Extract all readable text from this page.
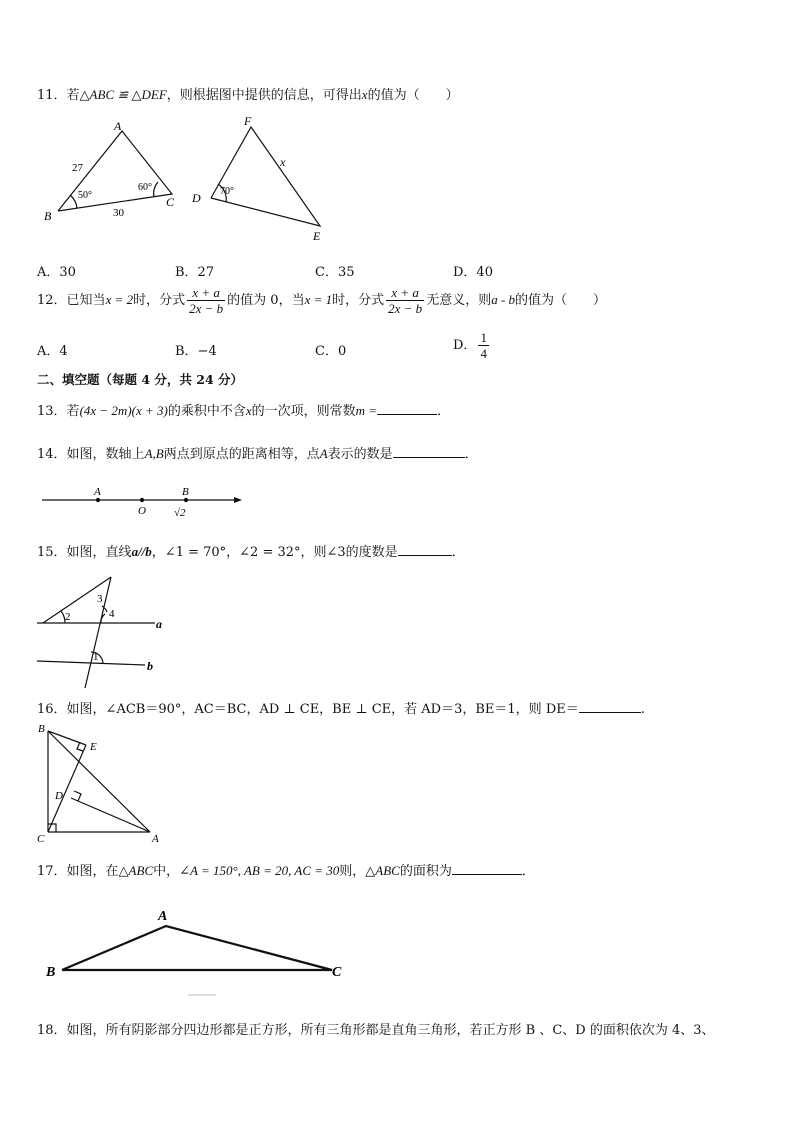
11．若△ABC ≌ △DEF，则根据图中提供的信息，可得出x的值为（　　）
A
B
C
27
30
50°
60°
F
D
E
x
70°
A．30	B．27	C．35	D．40
12．已知当x = 2时，分式 $\frac{x + a}{2x - b}$ 的值为 0，当x = 1时，分式 $\frac{x + a}{2x - b}$ 无意义，则a - b的值为（　　）
A．4	B．−4	C．0	D． $\frac{1}{4}$
二、填空题（每题 4 分，共 24 分）
13．若(4x − 2m)(x + 3)的乘积中不含x的一次项，则常数m =	．
14．如图，数轴上A,B两点到原点的距离相等，点A表示的数是	．
A
O
B
√2
15．如图，直线a//b，∠1 = 70°，∠2 = 32°，则∠3的度数是	．
2
3
4
1
a
b
16．如图，∠ACB＝90°，AC＝BC，AD ⊥ CE，BE ⊥ CE，若 AD＝3，BE＝1，则 DE＝	.
B
E
D
C	A
17．如图，在△ABC中，∠A = 150°, AB = 20, AC = 30则，△ABC的面积为	．
A
B	C
18．如图，所有阴影部分四边形都是正方形，所有三角形都是直角三角形，若正方形 B 、C、D 的面积依次为 4、3、
